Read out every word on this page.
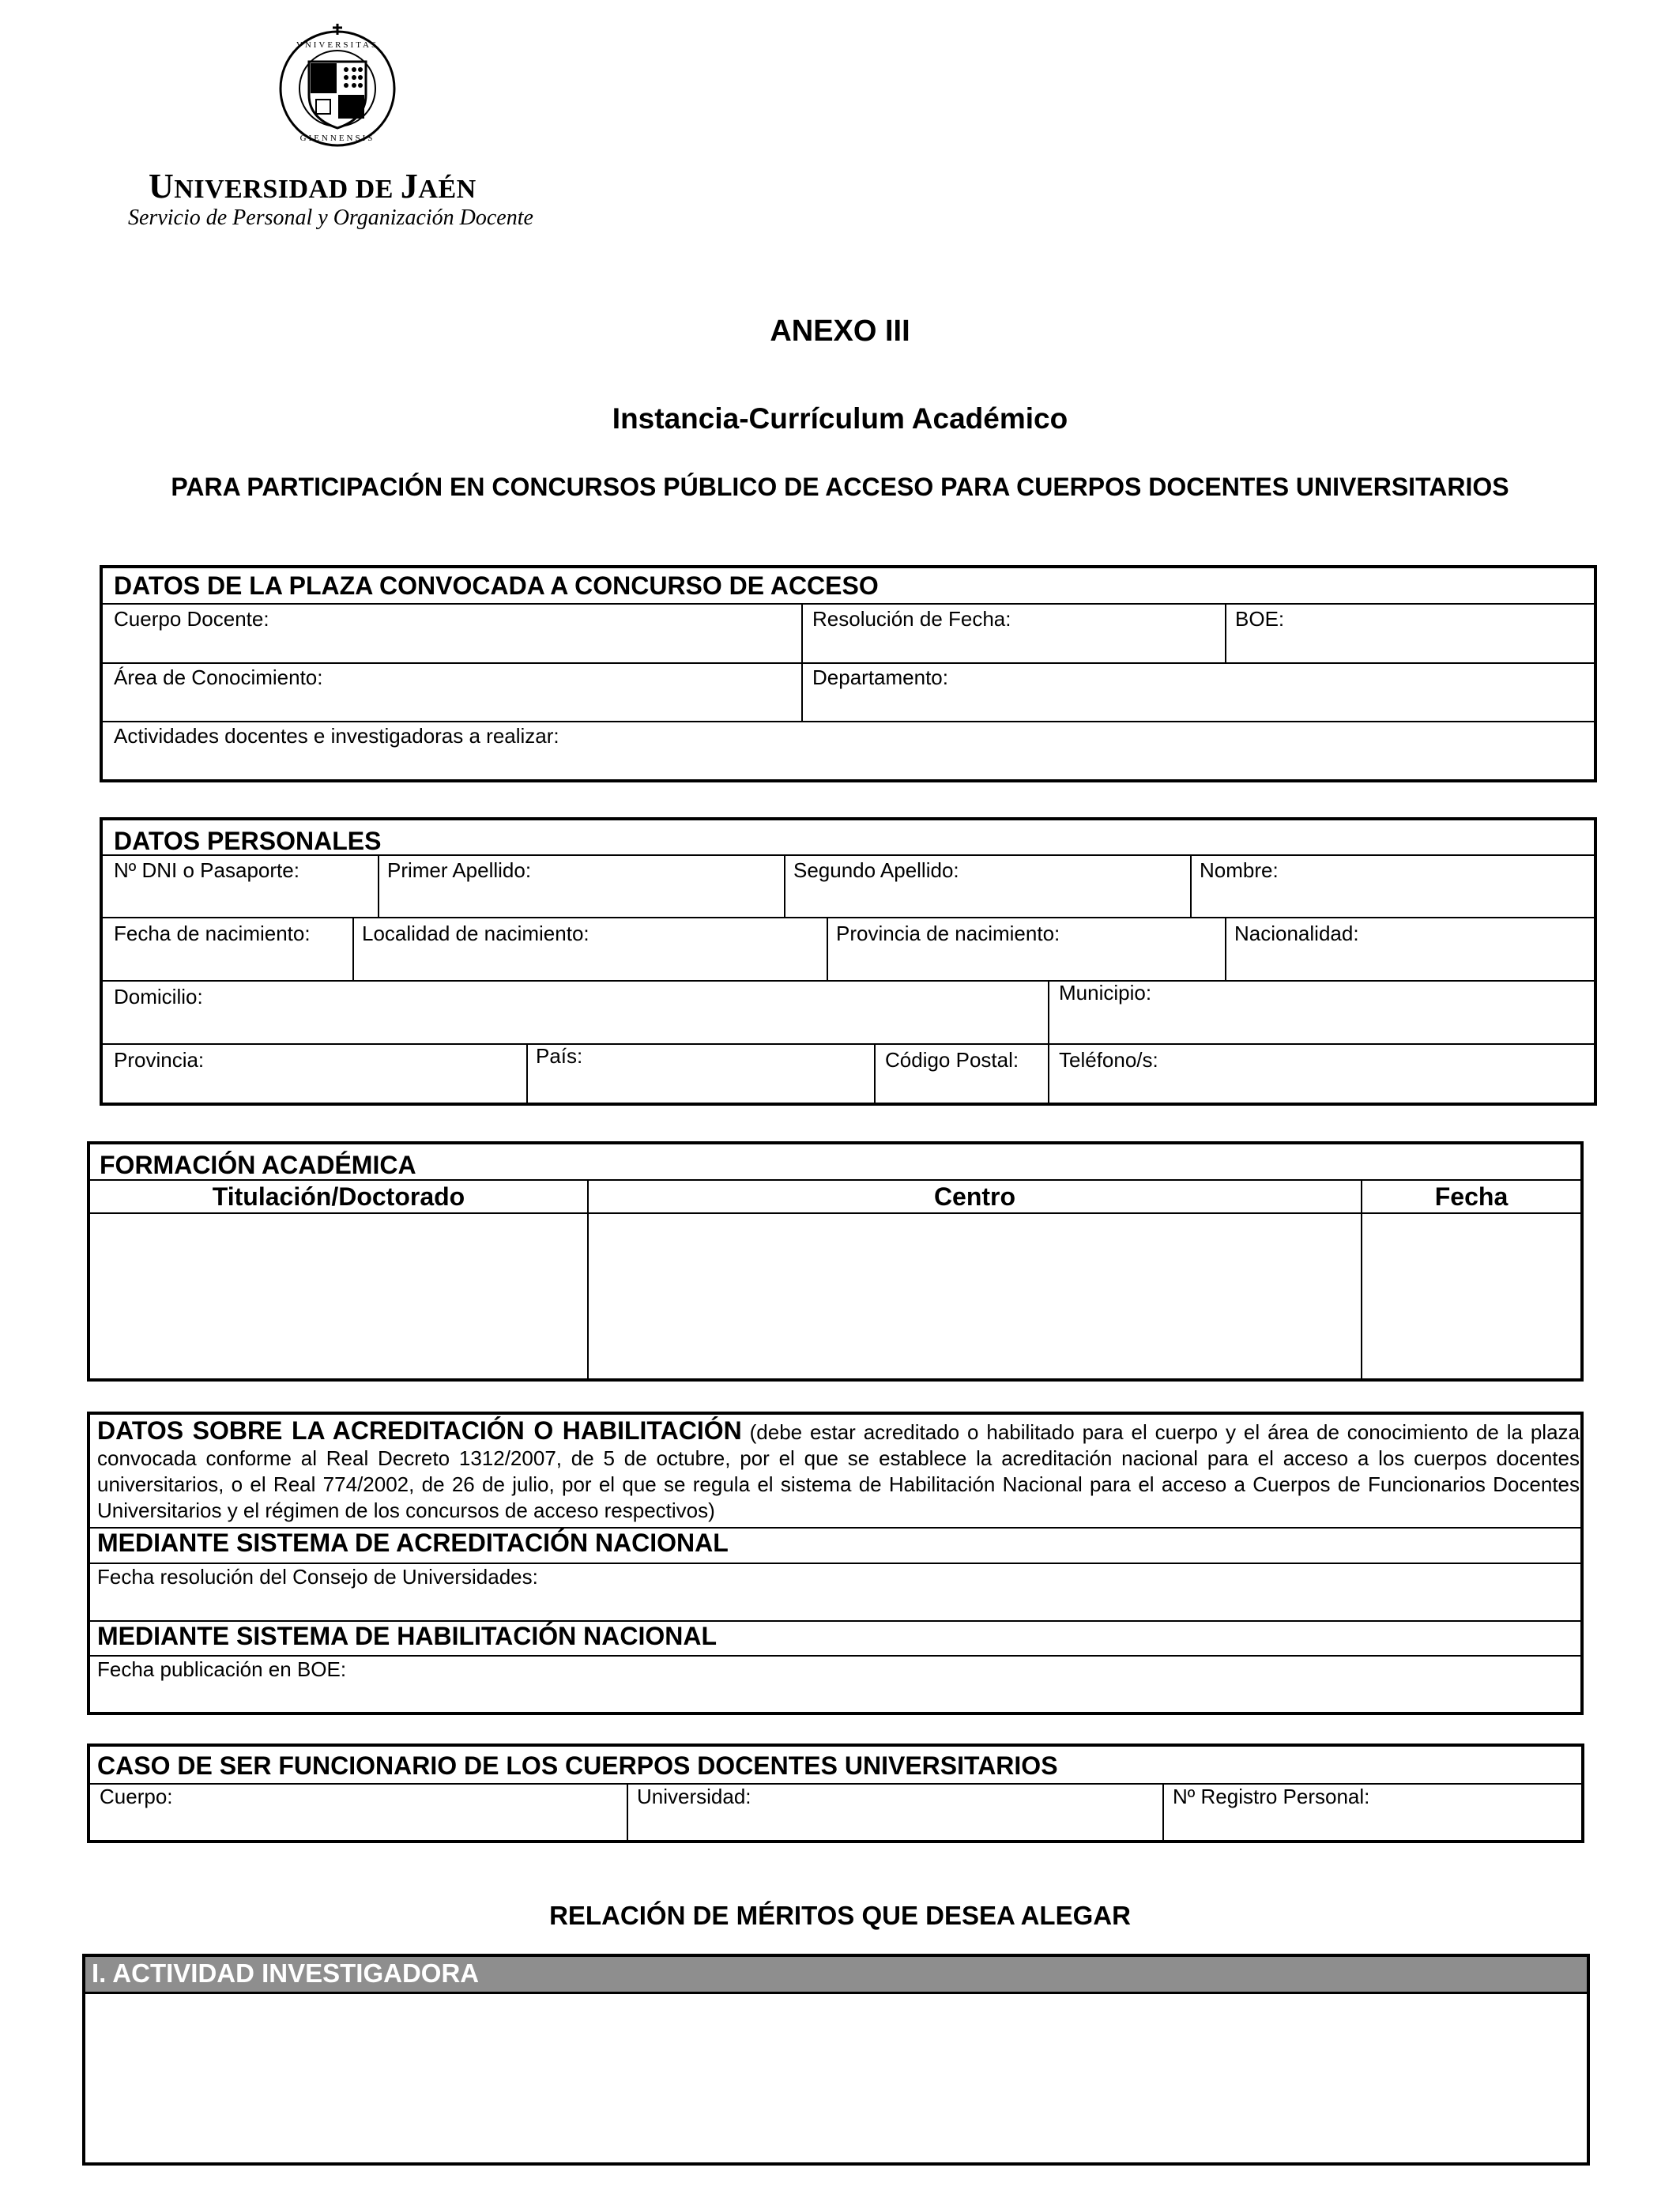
VNIVERSITAS
GIENNENSIS
UNIVERSIDAD DE JAÉN
Servicio de Personal y Organización Docente
ANEXO III
Instancia-Currículum Académico
PARA PARTICIPACIÓN EN CONCURSOS PÚBLICO DE ACCESO PARA CUERPOS DOCENTES UNIVERSITARIOS
DATOS DE LA PLAZA CONVOCADA A CONCURSO DE ACCESO
Cuerpo Docente:	Resolución de Fecha:	BOE:
Área de Conocimiento:	Departamento:
Actividades docentes e investigadoras a realizar:
DATOS PERSONALES
Nº DNI o Pasaporte:	Primer Apellido:	Segundo Apellido:	Nombre:
Fecha de nacimiento:	Localidad de nacimiento:	Provincia de nacimiento:	Nacionalidad:
Domicilio:	Municipio:
Provincia:	País:	Código Postal: Teléfono/s:
FORMACIÓN ACADÉMICA
Titulación/Doctorado	Centro	Fecha
DATOS SOBRE LA ACREDITACIÓN O HABILITACIÓN (debe estar acreditado o habilitado para el cuerpo y el área de conocimiento de la plaza convocada conforme al Real Decreto 1312/2007, de 5 de octubre, por el que se establece la acreditación nacional para el acceso a los cuerpos docentes universitarios, o el Real 774/2002, de 26 de julio, por el que se regula el sistema de Habilitación Nacional para el acceso a Cuerpos de Funcionarios Docentes Universitarios y el régimen de los concursos de acceso respectivos)
MEDIANTE SISTEMA DE ACREDITACIÓN NACIONAL
Fecha resolución del Consejo de Universidades:
MEDIANTE SISTEMA DE HABILITACIÓN NACIONAL
Fecha publicación en BOE:
CASO DE SER FUNCIONARIO DE LOS CUERPOS DOCENTES UNIVERSITARIOS
Cuerpo:	Universidad:	Nº Registro Personal:
RELACIÓN DE MÉRITOS QUE DESEA ALEGAR
I. ACTIVIDAD INVESTIGADORA
